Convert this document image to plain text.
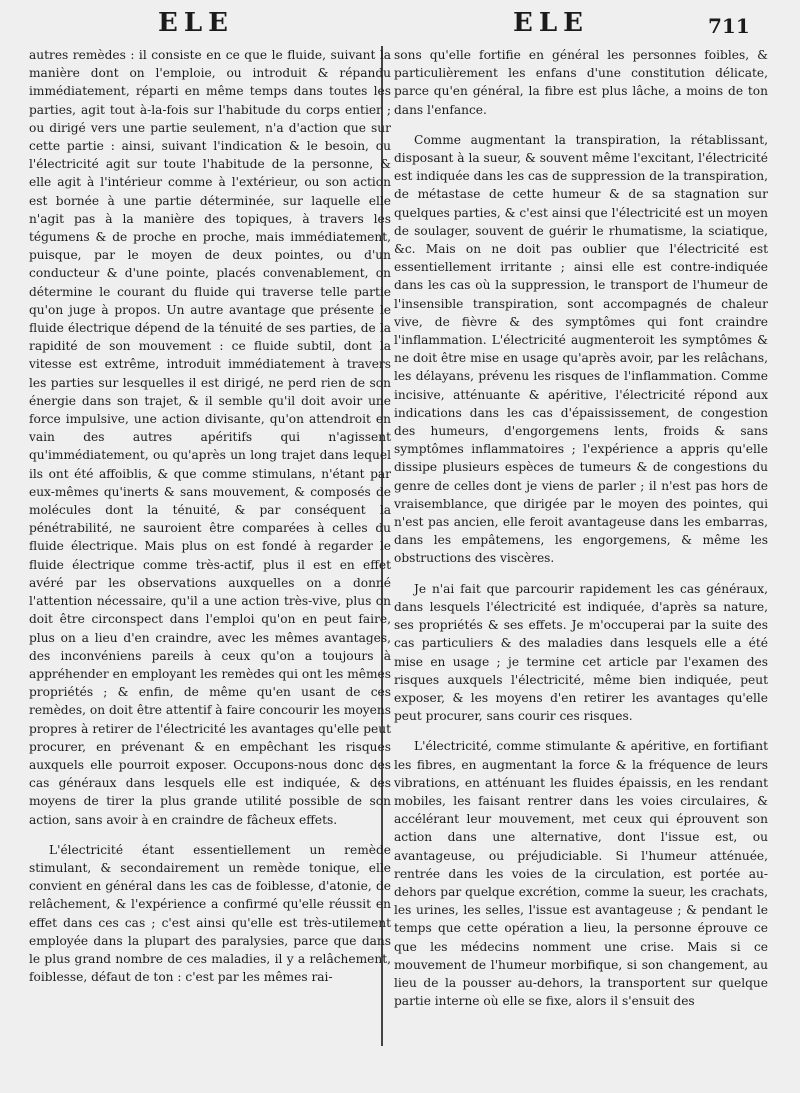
ELE	ELE	711

autres remèdes : il consiste en ce que le fluide, suivant la manière dont on l'emploie, ou introduit & répandu immédiatement, réparti en même temps dans toutes les parties, agit tout à-la-fois sur l'habitude du corps entier ; ou dirigé vers une partie seulement, n'a d'action que sur cette partie : ainsi, suivant l'indication & le besoin, ou l'électricité agit sur toute l'habitude de la personne, & elle agit à l'intérieur comme à l'extérieur, ou son action est bornée à une partie déterminée, sur laquelle elle n'agit pas à la manière des topiques, à travers les tégumens & de proche en proche, mais immédiatement, puisque, par le moyen de deux pointes, ou d'un conducteur & d'une pointe, placés convenablement, on détermine le courant du fluide qui traverse telle partie qu'on juge à propos. Un autre avantage que présente le fluide électrique dépend de la ténuité de ses parties, de la rapidité de son mouvement : ce fluide subtil, dont la vitesse est extrême, introduit immédiatement à travers les parties sur lesquelles il est dirigé, ne perd rien de son énergie dans son trajet, & il semble qu'il doit avoir une force impulsive, une action divisante, qu'on attendroit en vain des autres apéritifs qui n'agissent qu'immédiatement, ou qu'après un long trajet dans lequel ils ont été affoiblis, & que comme stimulans, n'étant par eux-mêmes qu'inerts & sans mouvement, & composés de molécules dont la ténuité, & par conséquent la pénétrabilité, ne sauroient être comparées à celles du fluide électrique. Mais plus on est fondé à regarder le fluide électrique comme très-actif, plus il est en effet avéré par les observations auxquelles on a donné l'attention nécessaire, qu'il a une action très-vive, plus on doit être circonspect dans l'emploi qu'on en peut faire, plus on a lieu d'en craindre, avec les mêmes avantages, des inconvéniens pareils à ceux qu'on a toujours à appréhender en employant les remèdes qui ont les mêmes propriétés ; & enfin, de même qu'en usant de ces remèdes, on doit être attentif à faire concourir les moyens propres à retirer de l'électricité les avantages qu'elle peut procurer, en prévenant & en empêchant les risques auxquels elle pourroit exposer. Occupons-nous donc des cas généraux dans lesquels elle est indiquée, & des moyens de tirer la plus grande utilité possible de son action, sans avoir à en craindre de fâcheux effets.

L'électricité étant essentiellement un remède stimulant, & secondairement un remède tonique, elle convient en général dans les cas de foiblesse, d'atonie, de relâchement, & l'expérience a confirmé qu'elle réussit en effet dans ces cas ; c'est ainsi qu'elle est très-utilement employée dans la plupart des paralysies, parce que dans le plus grand nombre de ces maladies, il y a relâchement, foiblesse, défaut de ton : c'est par les mêmes rai-

sons qu'elle fortifie en général les personnes foibles, & particulièrement les enfans d'une constitution délicate, parce qu'en général, la fibre est plus lâche, a moins de ton dans l'enfance.

Comme augmentant la transpiration, la rétablissant, disposant à la sueur, & souvent même l'excitant, l'électricité est indiquée dans les cas de suppression de la transpiration, de métastase de cette humeur & de sa stagnation sur quelques parties, & c'est ainsi que l'électricité est un moyen de soulager, souvent de guérir le rhumatisme, la sciatique, &c. Mais on ne doit pas oublier que l'électricité est essentiellement irritante ; ainsi elle est contre-indiquée dans les cas où la suppression, le transport de l'humeur de l'insensible transpiration, sont accompagnés de chaleur vive, de fièvre & des symptômes qui font craindre l'inflammation. L'électricité augmenteroit les symptômes & ne doit être mise en usage qu'après avoir, par les relâchans, les délayans, prévenu les risques de l'inflammation. Comme incisive, atténuante & apéritive, l'électricité répond aux indications dans les cas d'épaississement, de congestion des humeurs, d'engorgemens lents, froids & sans symptômes inflammatoires ; l'expérience a appris qu'elle dissipe plusieurs espèces de tumeurs & de congestions du genre de celles dont je viens de parler ; il n'est pas hors de vraisemblance, que dirigée par le moyen des pointes, qui n'est pas ancien, elle feroit avantageuse dans les embarras, dans les empâtemens, les engorgemens, & même les obstructions des viscères.

Je n'ai fait que parcourir rapidement les cas généraux, dans lesquels l'électricité est indiquée, d'après sa nature, ses propriétés & ses effets. Je m'occuperai par la suite des cas particuliers & des maladies dans lesquels elle a été mise en usage ; je termine cet article par l'examen des risques auxquels l'électricité, même bien indiquée, peut exposer, & les moyens d'en retirer les avantages qu'elle peut procurer, sans courir ces risques.

L'électricité, comme stimulante & apéritive, en fortifiant les fibres, en augmentant la force & la fréquence de leurs vibrations, en atténuant les fluides épaissis, en les rendant mobiles, les faisant rentrer dans les voies circulaires, & accélérant leur mouvement, met ceux qui éprouvent son action dans une alternative, dont l'issue est, ou avantageuse, ou préjudiciable. Si l'humeur atténuée, rentrée dans les voies de la circulation, est portée au-dehors par quelque excrétion, comme la sueur, les crachats, les urines, les selles, l'issue est avantageuse ; & pendant le temps que cette opération a lieu, la personne éprouve ce que les médecins nomment une crise. Mais si ce mouvement de l'humeur morbifique, si son changement, au lieu de la pousser au-dehors, la transportent sur quelque partie interne où elle se fixe, alors il s'ensuit des
